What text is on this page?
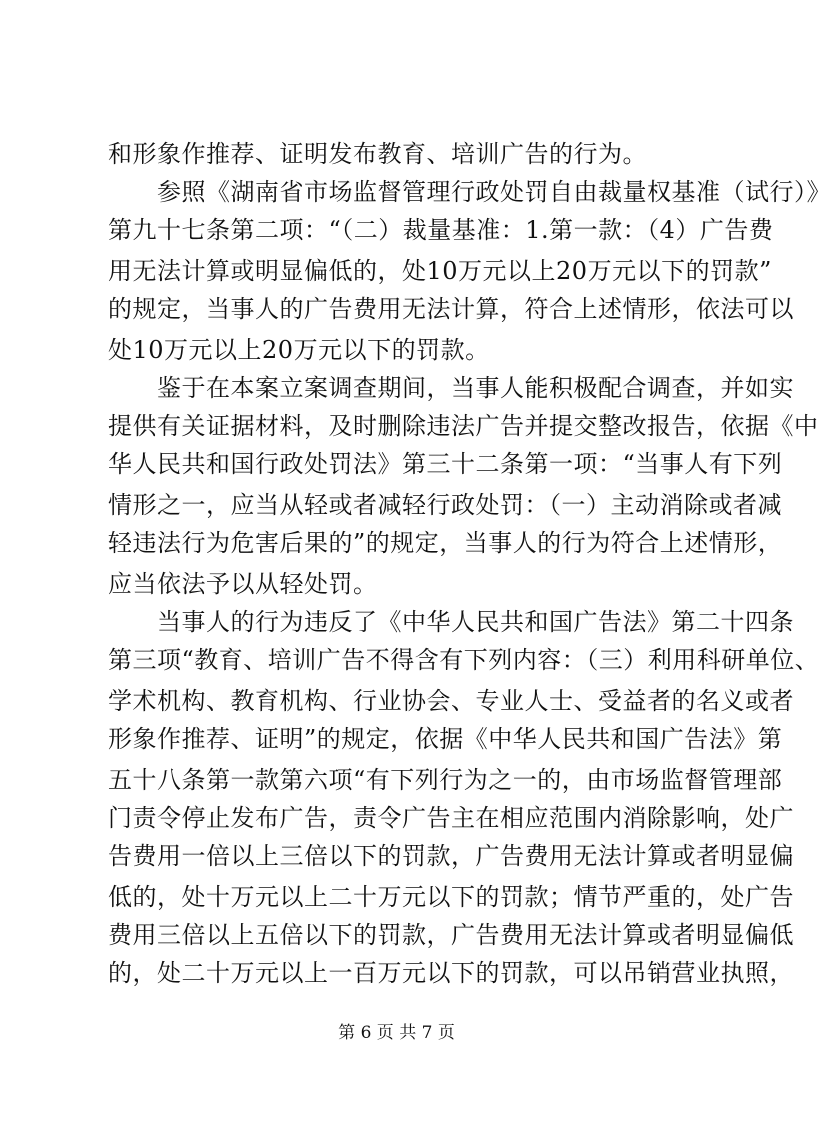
和形象作推荐、证明发布教育、培训广告的行为。
　　参照《湖南省市场监督管理行政处罚自由裁量权基准（试行）》
第九十七条第二项：“（二）裁量基准：1.第一款：（4）广告费
用无法计算或明显偏低的，处10万元以上20万元以下的罚款”
的规定，当事人的广告费用无法计算，符合上述情形，依法可以
处10万元以上20万元以下的罚款。
　　鉴于在本案立案调查期间，当事人能积极配合调查，并如实
提供有关证据材料，及时删除违法广告并提交整改报告，依据《中
华人民共和国行政处罚法》第三十二条第一项：“当事人有下列
情形之一，应当从轻或者减轻行政处罚：（一）主动消除或者减
轻违法行为危害后果的”的规定，当事人的行为符合上述情形，
应当依法予以从轻处罚。
　　当事人的行为违反了《中华人民共和国广告法》第二十四条
第三项“教育、培训广告不得含有下列内容：（三）利用科研单位、
学术机构、教育机构、行业协会、专业人士、受益者的名义或者
形象作推荐、证明”的规定，依据《中华人民共和国广告法》第
五十八条第一款第六项“有下列行为之一的，由市场监督管理部
门责令停止发布广告，责令广告主在相应范围内消除影响，处广
告费用一倍以上三倍以下的罚款，广告费用无法计算或者明显偏
低的，处十万元以上二十万元以下的罚款；情节严重的，处广告
费用三倍以上五倍以下的罚款，广告费用无法计算或者明显偏低
的，处二十万元以上一百万元以下的罚款，可以吊销营业执照，
第 6 页 共 7 页
